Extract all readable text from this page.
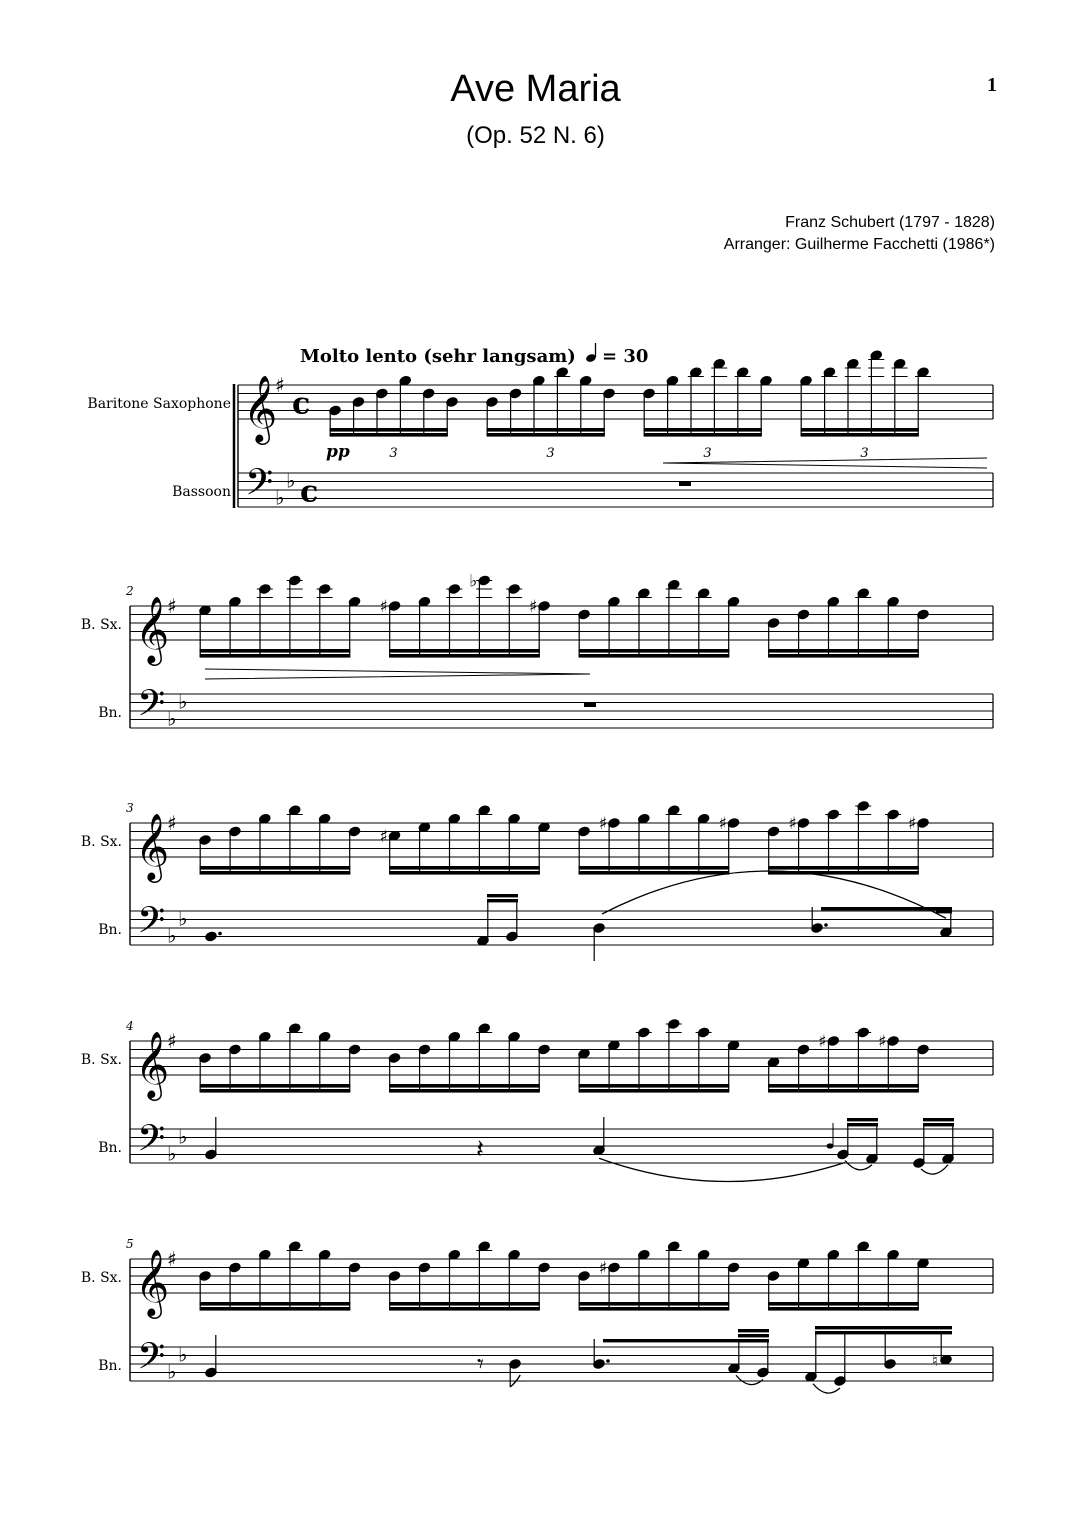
Ave Maria
(Op. 52 N. 6)
1
Franz Schubert (1797 - 1828)
Arranger: Guilherme Facchetti (1986*)
Molto lento (sehr langsam) = 30
pp
Baritone Saxophone
Bassoon
𝄞
𝄢
♯
♭
♭
c
c
3	3	3	3
𝄞
𝄢
♯
♭
♭
2
B. Sx.
Bn.
♯
♭
♯
𝄞
𝄢
♯
♭
♭
3
B. Sx.
Bn.
♯
♯	♯	♯	♯
𝄞
𝄢
♯
♭
♭
4
B. Sx.
Bn.
♯	♯
𝄞
𝄢
♯
♭
♭
5
B. Sx.
Bn.
♯
𝄽
𝄾	♮
